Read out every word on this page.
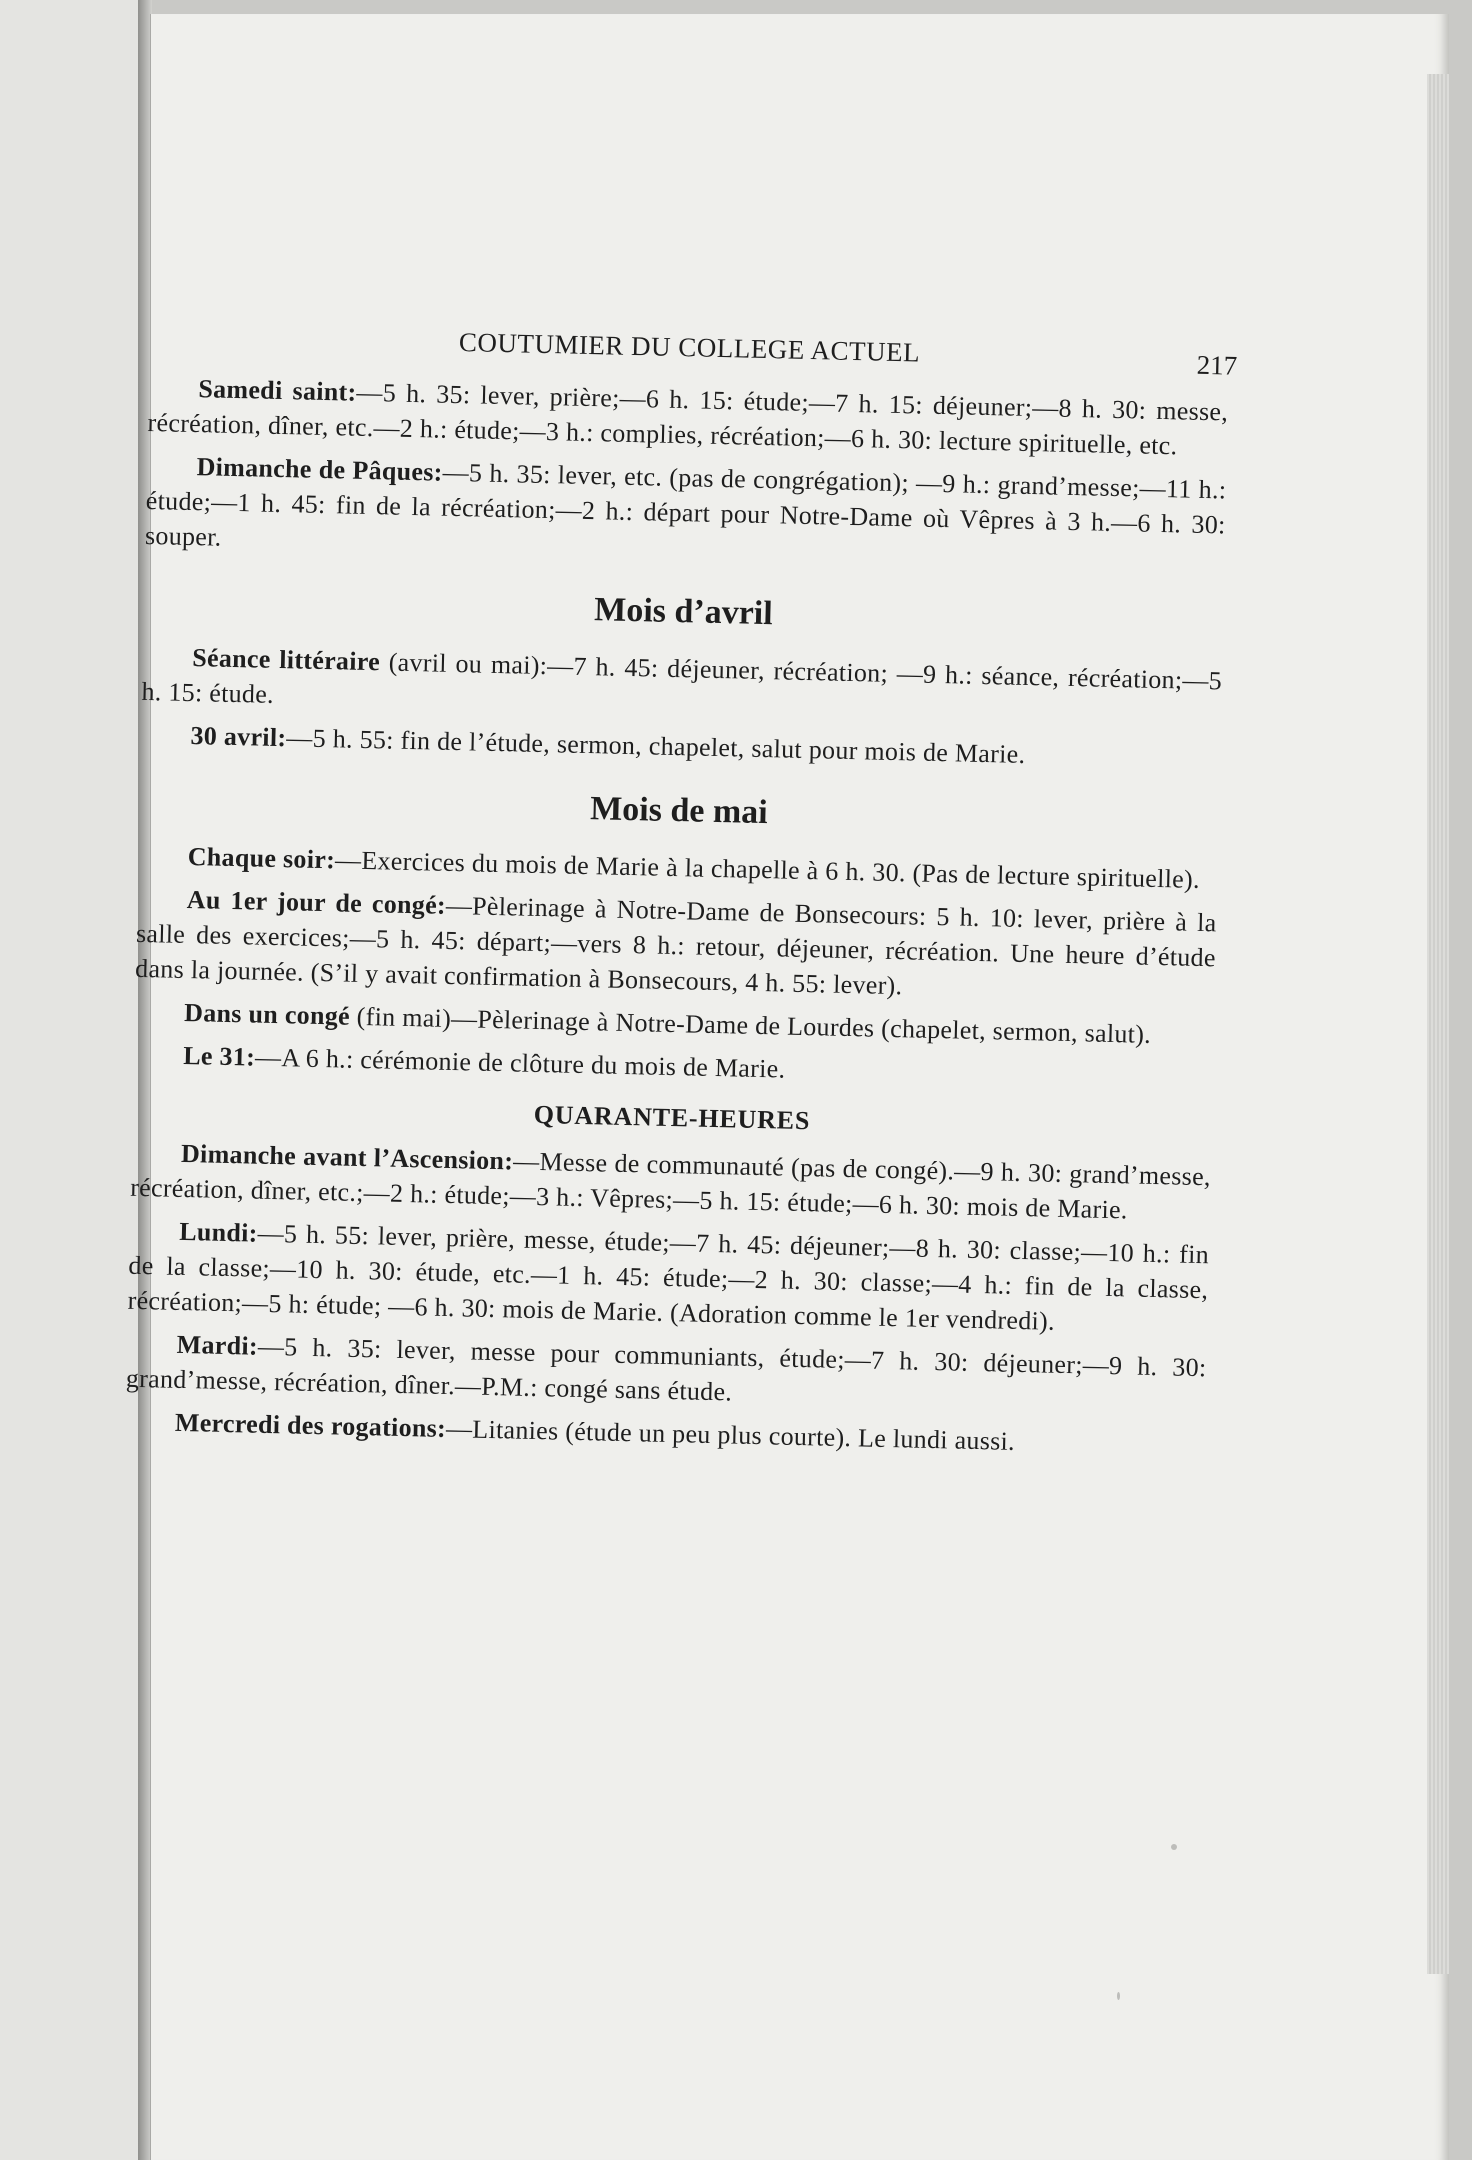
COUTUMIER DU COLLEGE ACTUEL	217

Samedi saint:—5 h. 35: lever, prière;—6 h. 15: étude;—7 h. 15: déjeuner;—8 h. 30: messe, récréation, dîner, etc.—2 h.: étude;—3 h.: complies, récréation;—6 h. 30: lecture spirituelle, etc.

Dimanche de Pâques:—5 h. 35: lever, etc. (pas de congrégation); —9 h.: grand’messe;—11 h.: étude;—1 h. 45: fin de la récréation;—2 h.: départ pour Notre-Dame où Vêpres à 3 h.—6 h. 30: souper.

Mois d’avril

Séance littéraire (avril ou mai):—7 h. 45: déjeuner, récréation; —9 h.: séance, récréation;—5 h. 15: étude.

30 avril:—5 h. 55: fin de l’étude, sermon, chapelet, salut pour mois de Marie.

Mois de mai

Chaque soir:—Exercices du mois de Marie à la chapelle à 6 h. 30. (Pas de lecture spirituelle).

Au 1er jour de congé:—Pèlerinage à Notre-Dame de Bonsecours: 5 h. 10: lever, prière à la salle des exercices;—5 h. 45: départ;—vers 8 h.: retour, déjeuner, récréation. Une heure d’étude dans la journée. (S’il y avait confirmation à Bonsecours, 4 h. 55: lever).

Dans un congé (fin mai)—Pèlerinage à Notre-Dame de Lourdes (chapelet, sermon, salut).

Le 31:—A 6 h.: cérémonie de clôture du mois de Marie.

QUARANTE-HEURES

Dimanche avant l’Ascension:—Messe de communauté (pas de congé).—9 h. 30: grand’messe, récréation, dîner, etc.;—2 h.: étude;—3 h.: Vêpres;—5 h. 15: étude;—6 h. 30: mois de Marie.

Lundi:—5 h. 55: lever, prière, messe, étude;—7 h. 45: déjeuner;—8 h. 30: classe;—10 h.: fin de la classe;—10 h. 30: étude, etc.—1 h. 45: étude;—2 h. 30: classe;—4 h.: fin de la classe, récréation;—5 h: étude; —6 h. 30: mois de Marie. (Adoration comme le 1er vendredi).

Mardi:—5 h. 35: lever, messe pour communiants, étude;—7 h. 30: déjeuner;—9 h. 30: grand’messe, récréation, dîner.—P.M.: congé sans étude.

Mercredi des rogations:—Litanies (étude un peu plus courte). Le lundi aussi.
